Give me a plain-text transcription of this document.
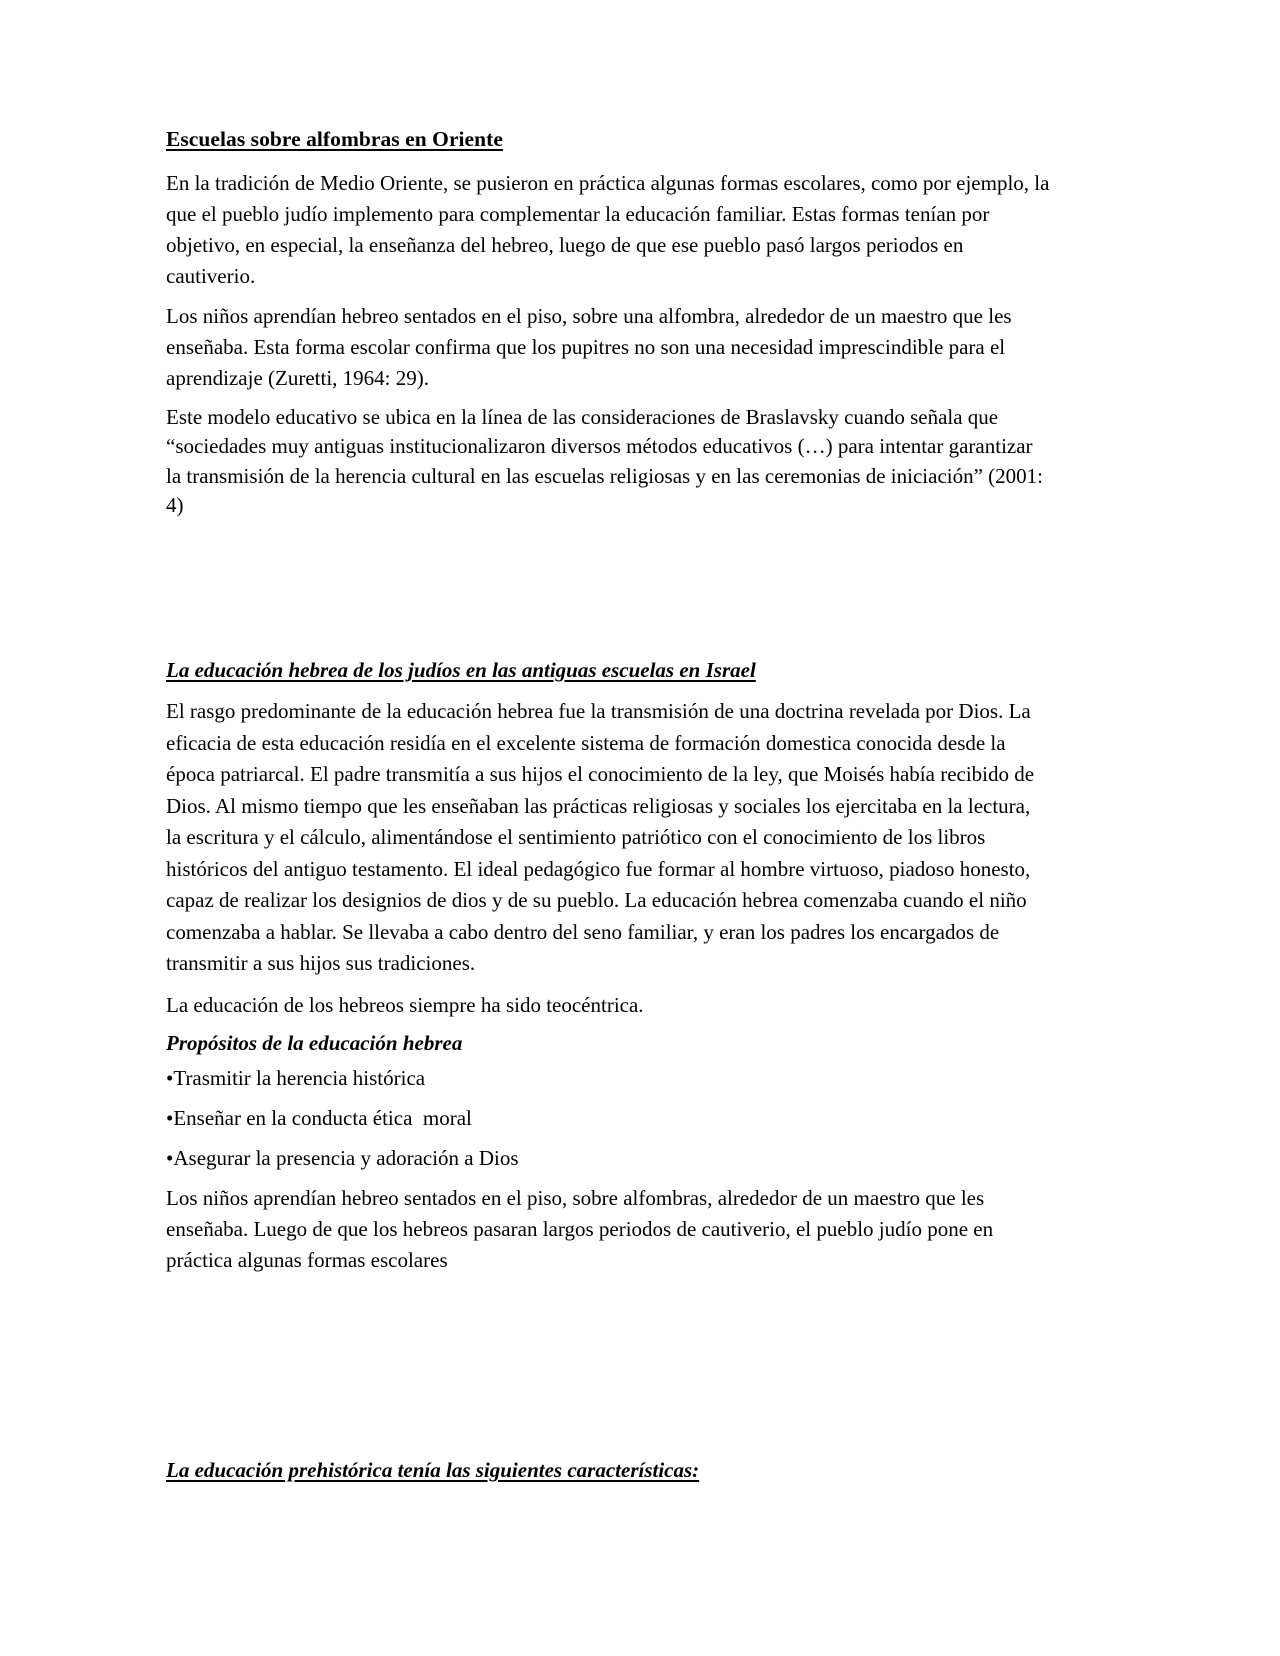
Escuelas sobre alfombras en Oriente

En la tradición de Medio Oriente, se pusieron en práctica algunas formas escolares, como por ejemplo, la que el pueblo judío implemento para complementar la educación familiar. Estas formas tenían por objetivo, en especial, la enseñanza del hebreo, luego de que ese pueblo pasó largos periodos en cautiverio.

Los niños aprendían hebreo sentados en el piso, sobre una alfombra, alrededor de un maestro que les enseñaba. Esta forma escolar confirma que los pupitres no son una necesidad imprescindible para el aprendizaje (Zuretti, 1964: 29).

Este modelo educativo se ubica en la línea de las consideraciones de Braslavsky cuando señala que “sociedades muy antiguas institucionalizaron diversos métodos educativos (…) para intentar garantizar la transmisión de la herencia cultural en las escuelas religiosas y en las ceremonias de iniciación” (2001: 4)

La educación hebrea de los judíos en las antiguas escuelas en Israel

El rasgo predominante de la educación hebrea fue la transmisión de una doctrina revelada por Dios. La eficacia de esta educación residía en el excelente sistema de formación domestica conocida desde la época patriarcal. El padre transmitía a sus hijos el conocimiento de la ley, que Moisés había recibido de Dios. Al mismo tiempo que les enseñaban las prácticas religiosas y sociales los ejercitaba en la lectura, la escritura y el cálculo, alimentándose el sentimiento patriótico con el conocimiento de los libros históricos del antiguo testamento. El ideal pedagógico fue formar al hombre virtuoso, piadoso honesto, capaz de realizar los designios de dios y de su pueblo. La educación hebrea comenzaba cuando el niño comenzaba a hablar. Se llevaba a cabo dentro del seno familiar, y eran los padres los encargados de transmitir a sus hijos sus tradiciones.

La educación de los hebreos siempre ha sido teocéntrica.

Propósitos de la educación hebrea

•Trasmitir la herencia histórica

•Enseñar en la conducta ética  moral

•Asegurar la presencia y adoración a Dios

Los niños aprendían hebreo sentados en el piso, sobre alfombras, alrededor de un maestro que les enseñaba. Luego de que los hebreos pasaran largos periodos de cautiverio, el pueblo judío pone en práctica algunas formas escolares

La educación prehistórica tenía las siguientes características:
